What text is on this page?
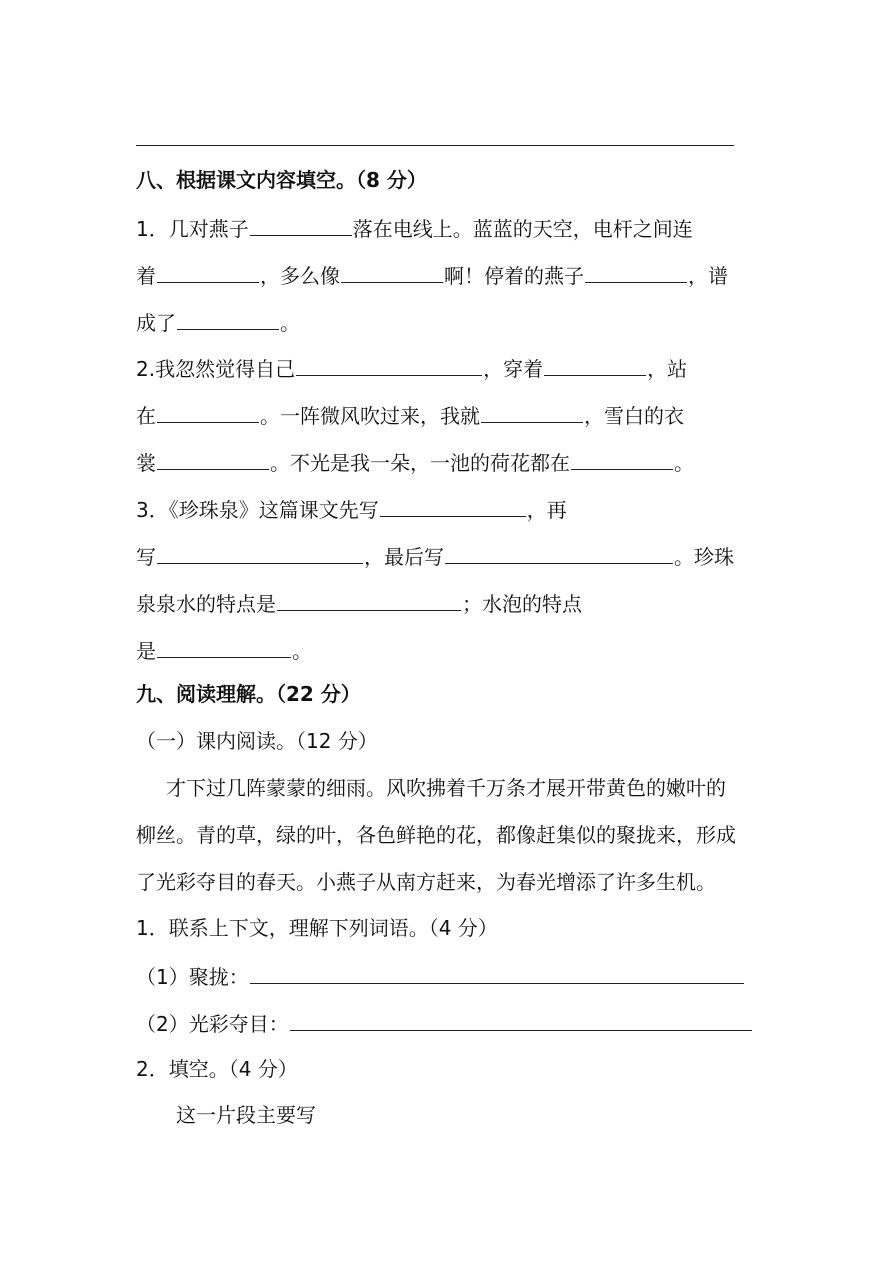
八、根据课文内容填空。（8 分）
1．几对燕子	落在电线上。蓝蓝的天空，电杆之间连
着	，多么像	啊！停着的燕子	，谱
成了	。
2.我忽然觉得自己	，穿着	，站
在	。一阵微风吹过来，我就	，雪白的衣
裳	。不光是我一朵，一池的荷花都在	。
3．《珍珠泉》这篇课文先写	，再
写	，最后写	。珍珠
泉泉水的特点是	；水泡的特点
是	。
九、阅读理解。（22 分）
（一）课内阅读。（12 分）
才下过几阵蒙蒙的细雨。风吹拂着千万条才展开带黄色的嫩叶的
柳丝。青的草，绿的叶，各色鲜艳的花，都像赶集似的聚拢来，形成
了光彩夺目的春天。小燕子从南方赶来，为春光增添了许多生机。
1．联系上下文，理解下列词语。（4 分）
（1）聚拢：
（2）光彩夺目：
2．填空。（4 分）
这一片段主要写
